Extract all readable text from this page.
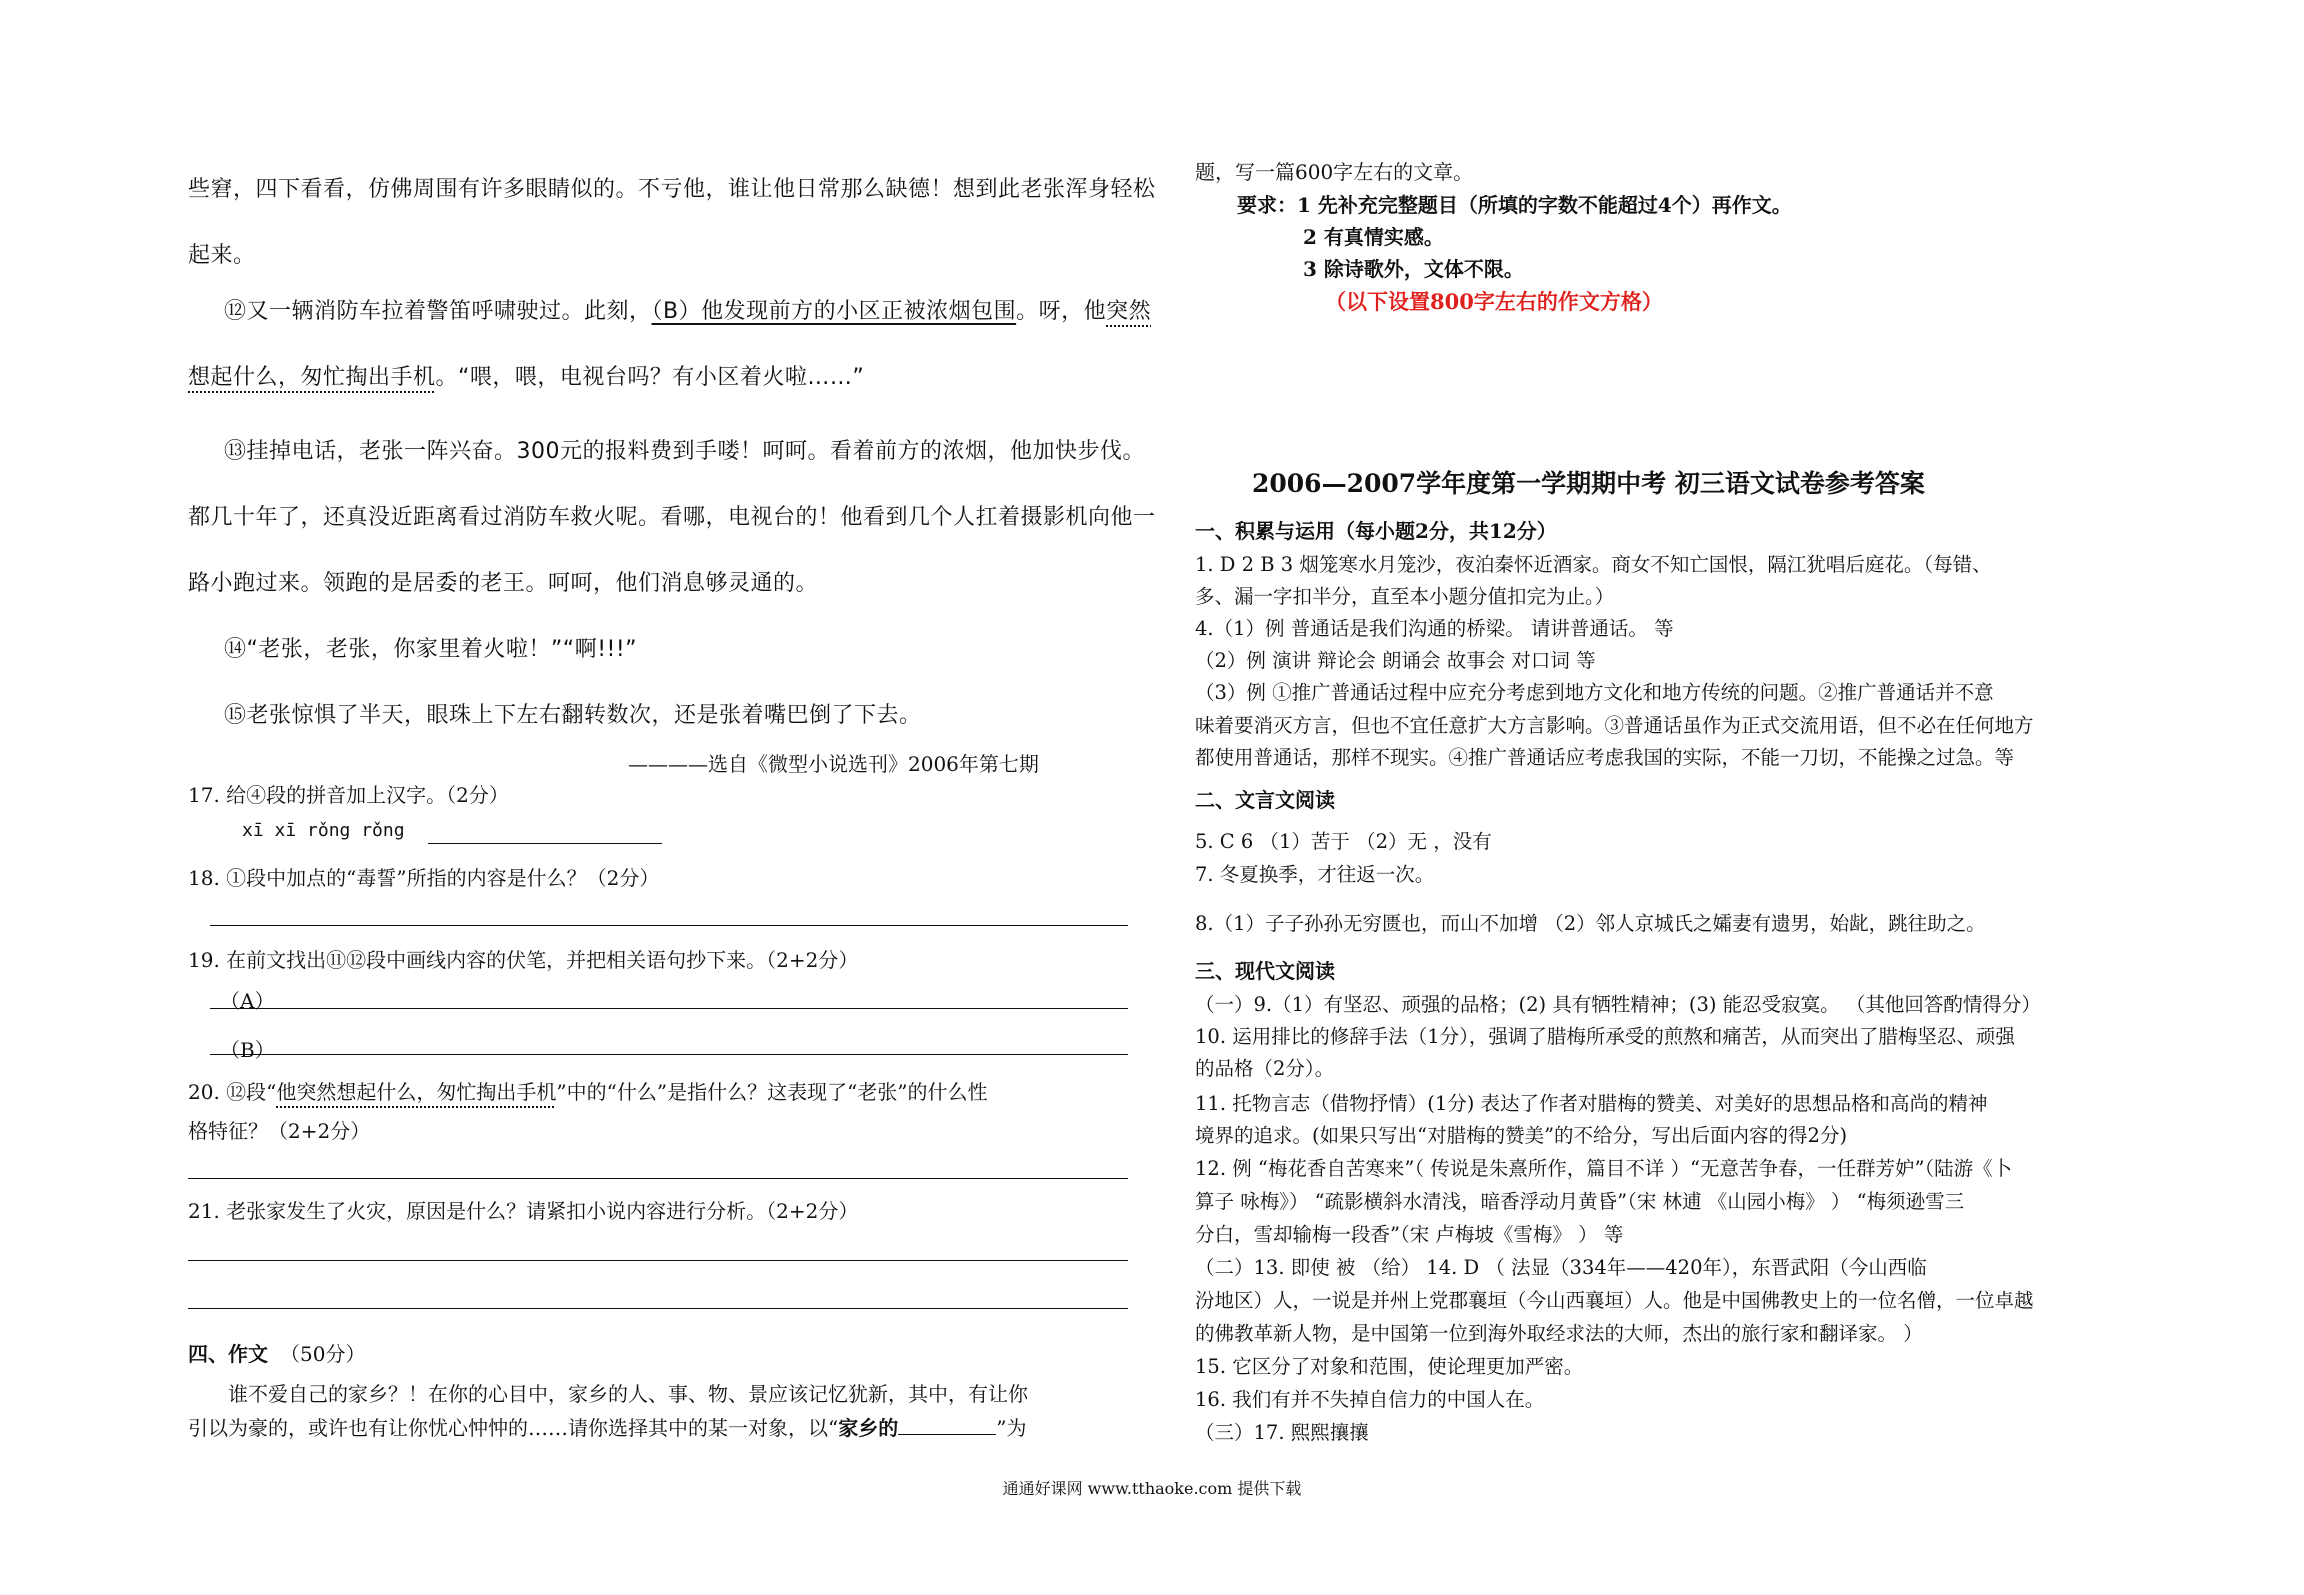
些窘，四下看看，仿佛周围有许多眼睛似的。不亏他，谁让他日常那么缺德！想到此老张浑身轻松
起来。
⑫又一辆消防车拉着警笛呼啸驶过。此刻，（B）他发现前方的小区正被浓烟包围。呀，他突然
想起什么，匆忙掏出手机。“喂，喂，电视台吗？有小区着火啦……”
⑬挂掉电话，老张一阵兴奋。300元的报料费到手喽！呵呵。看着前方的浓烟，他加快步伐。
都几十年了，还真没近距离看过消防车救火呢。看哪，电视台的！他看到几个人扛着摄影机向他一
路小跑过来。领跑的是居委的老王。呵呵，他们消息够灵通的。
⑭“老张，老张，你家里着火啦！”“啊!!!”
⑮老张惊惧了半天，眼珠上下左右翻转数次，还是张着嘴巴倒了下去。
————选自《微型小说选刊》2006年第七期
17. 给④段的拼音加上汉字。（2分）
xī xī rǒng rǒng
18. ①段中加点的“毒誓”所指的内容是什么？（2分）
19. 在前文找出⑪⑫段中画线内容的伏笔，并把相关语句抄下来。（2+2分）
（A）
（B）
20. ⑫段“他突然想起什么，匆忙掏出手机”中的“什么”是指什么？这表现了“老张”的什么性
格特征？（2+2分）
21. 老张家发生了火灾，原因是什么？请紧扣小说内容进行分析。（2+2分）
四、作文 （50分）
谁不爱自己的家乡？！在你的心目中，家乡的人、事、物、景应该记忆犹新，其中，有让你
引以为豪的，或许也有让你忧心忡忡的……请你选择其中的某一对象，以“家乡的	”为
题，写一篇600字左右的文章。
要求：1 先补充完整题目（所填的字数不能超过4个）再作文。
2 有真情实感。
3 除诗歌外，文体不限。
（以下设置800字左右的作文方格）
2006—2007学年度第一学期期中考 初三语文试卷参考答案
一、积累与运用（每小题2分，共12分）
1. D 2 B 3 烟笼寒水月笼沙，夜泊秦怀近酒家。商女不知亡国恨，隔江犹唱后庭花。（每错、
多、漏一字扣半分，直至本小题分值扣完为止。）
4.（1）例 普通话是我们沟通的桥梁。 请讲普通话。 等
（2）例 演讲 辩论会 朗诵会 故事会 对口词 等
（3）例 ①推广普通话过程中应充分考虑到地方文化和地方传统的问题。②推广普通话并不意
味着要消灭方言，但也不宜任意扩大方言影响。③普通话虽作为正式交流用语，但不必在任何地方
都使用普通话，那样不现实。④推广普通话应考虑我国的实际，不能一刀切，不能操之过急。等
二、文言文阅读
5. C 6 （1）苦于 （2）无 ，没有
7. 冬夏换季，才往返一次。
8.（1）子子孙孙无穷匮也，而山不加增 （2）邻人京城氏之孀妻有遗男，始龀，跳往助之。
三、现代文阅读
（一）9.（1）有坚忍、顽强的品格；(2) 具有牺牲精神；(3) 能忍受寂寞。 （其他回答酌情得分）
10. 运用排比的修辞手法（1分），强调了腊梅所承受的煎熬和痛苦，从而突出了腊梅坚忍、顽强
的品格（2分）。
11. 托物言志（借物抒情）(1分) 表达了作者对腊梅的赞美、对美好的思想品格和高尚的精神
境界的追求。(如果只写出“对腊梅的赞美”的不给分，写出后面内容的得2分)
12. 例 “梅花香自苦寒来”（ 传说是朱熹所作，篇目不详 ）“无意苦争春，一任群芳妒”（陆游《卜
算子 咏梅》） “疏影横斜水清浅，暗香浮动月黄昏”（宋 林逋 《山园小梅》 ） “梅须逊雪三
分白，雪却输梅一段香”（宋 卢梅坡《雪梅》 ） 等
（二）13. 即使 被 （给） 14. D （ 法显（334年——420年），东晋武阳（今山西临
汾地区）人，一说是并州上党郡襄垣（今山西襄垣）人。他是中国佛教史上的一位名僧，一位卓越
的佛教革新人物，是中国第一位到海外取经求法的大师，杰出的旅行家和翻译家。 ）
15. 它区分了对象和范围，使论理更加严密。
16. 我们有并不失掉自信力的中国人在。
（三）17. 熙熙攘攘
通通好课网 www.tthaoke.com 提供下载
